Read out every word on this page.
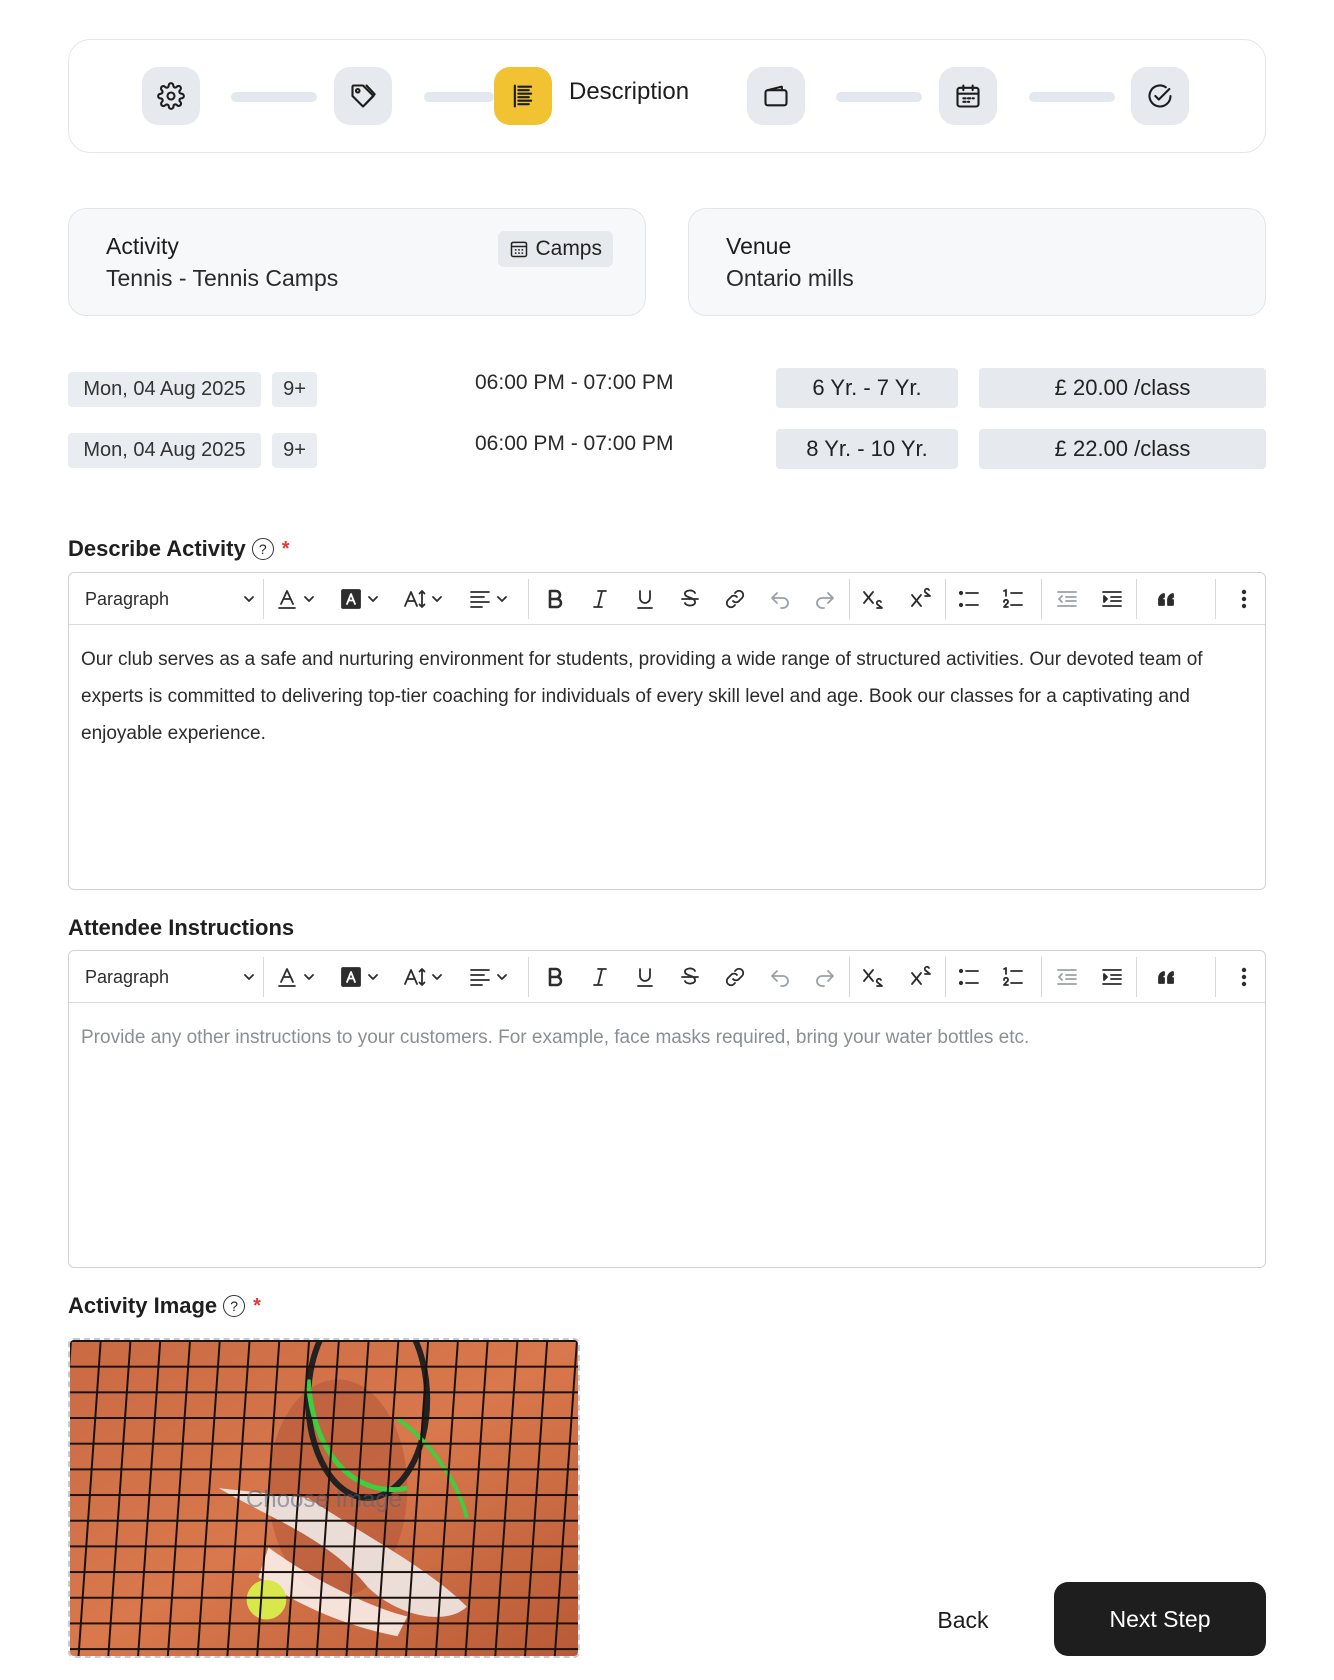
Description
Activity
Tennis - Tennis Camps
Camps	Venue
Ontario mills
Mon, 04 Aug 2025	9+	06:00 PM - 07:00 PM	6 Yr. - 7 Yr.	£ 20.00 /class
Mon, 04 Aug 2025	9+	06:00 PM - 07:00 PM	8 Yr. - 10 Yr.	£ 22.00 /class
Describe Activity ? *
Paragraph
Our club serves as a safe and nurturing environment for students, providing a wide range of structured activities. Our devoted team of experts is committed to delivering top-tier coaching for individuals of every skill level and age. Book our classes for a captivating and enjoyable experience.
Attendee Instructions
Paragraph
Provide any other instructions to your customers. For example, face masks required, bring your water bottles etc.
Activity Image ? *
Choose Image
Back	Next Step
